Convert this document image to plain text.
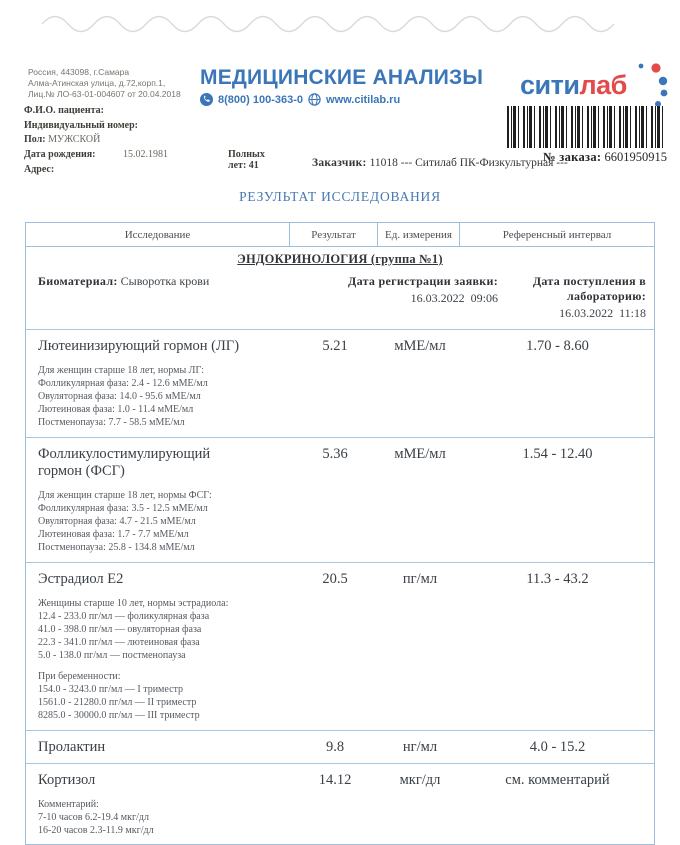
Россия, 443098, г.Самара
Алма-Атинская улица, д.72,корп.1,
Лиц.№ ЛО-63-01-004607 от 20.04.2018
МЕДИЦИНСКИЕ АНАЛИЗЫ
8(800) 100-363-0 www.citilab.ru	ситилаб
Ф.И.О. пациента:
Индивидуальный номер:
Пол: МУЖСКОЙ
Дата рождения:	15.02.1981	Полных лет: 41
Адрес:
№ заказа: 6601950915
Заказчик: 11018 --- Ситилаб ПК-Физкультурная ---
РЕЗУЛЬТАТ ИССЛЕДОВАНИЯ
Исследование	Результат	Ед. измерения	Референсный интервал
ЭНДОКРИНОЛОГИЯ (группа №1)
Биоматериал: Сыворотка крови	Дата регистрации заявки:
16.03.2022  09:06
Дата поступления в лабораторию:
16.03.2022  11:18
Лютеинизирующий гормон (ЛГ)	5.21	мМЕ/мл	1.70 - 8.60
Для женщин старше 18 лет, нормы ЛГ:
Фолликулярная фаза: 2.4 - 12.6 мМЕ/мл
Овуляторная фаза: 14.0 - 95.6 мМЕ/мл
Лютеиновая фаза: 1.0 - 11.4 мМЕ/мл
Постменопауза: 7.7 - 58.5 мМЕ/мл
Фолликулостимулирующий гормон (ФСГ)
5.36	мМЕ/мл	1.54 - 12.40
Для женщин старше 18 лет, нормы ФСГ:
Фолликулярная фаза: 3.5 - 12.5 мМЕ/мл
Овуляторная фаза: 4.7 - 21.5 мМЕ/мл
Лютеиновая фаза: 1.7 - 7.7 мМЕ/мл
Постменопауза: 25.8 - 134.8 мМЕ/мл
Эстрадиол Е2	20.5	пг/мл	11.3 - 43.2
Женщины старше 10 лет, нормы эстрадиола:
12.4 - 233.0 пг/мл — фоликулярная фаза
41.0 - 398.0 пг/мл — овуляторная фаза
22.3 - 341.0 пг/мл — лютеиновая фаза
5.0 - 138.0 пг/мл — постменопауза
При беременности:
154.0 - 3243.0 пг/мл — I триместр
1561.0 - 21280.0 пг/мл — II триместр
8285.0 - 30000.0 пг/мл — III триместр
Пролактин	9.8	нг/мл	4.0 - 15.2
Кортизол	14.12	мкг/дл	см. комментарий
Комментарий:
7-10 часов 6.2-19.4 мкг/дл
16-20 часов 2.3-11.9 мкг/дл
